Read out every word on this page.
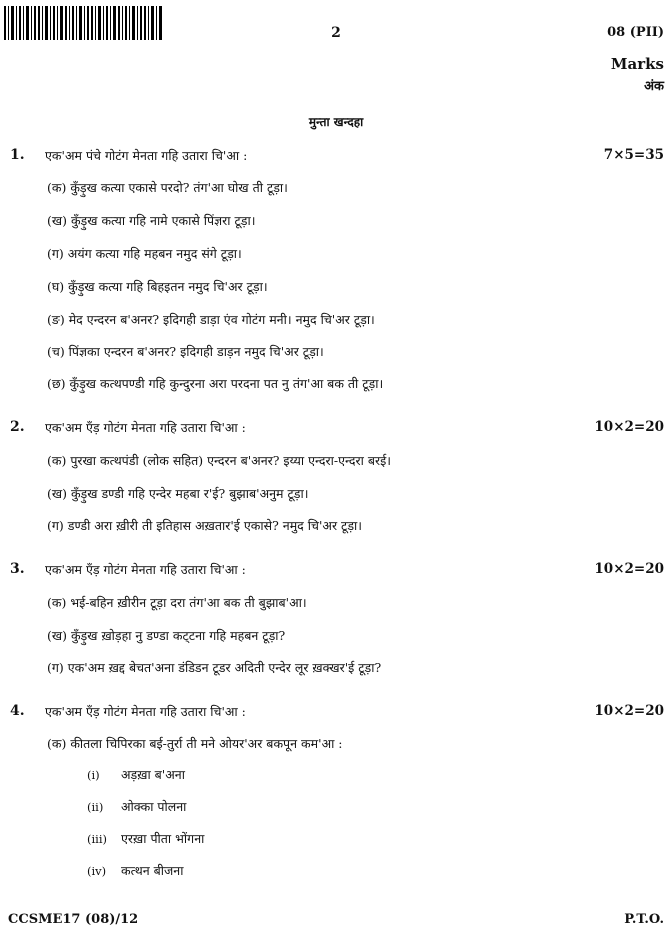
2	08 (PII)
Marks
अंक
मुन्ता खन्दहा
1. एक'अम पंचे गोटंग मेनता गहि उतारा चि'आ :	7×5=35
(क) कुँड़ुख कत्या एकासे परदो? तंग'आ घोख ती टूड़ा।
(ख) कुँड़ुख कत्या गहि नामे एकासे पिंज्ञरा टूड़ा।
(ग) अयंग कत्या गहि महबन नमुद संगे टूड़ा।
(घ) कुँड़ुख कत्या गहि बिहइतन नमुद चि'अर टूड़ा।
(ङ) मेद एन्दरन ब'अनर? इदिगही डाड़ा एंव गोटंग मनी। नमुद चि'अर टूड़ा।
(च) पिंज्ञका एन्दरन ब'अनर? इदिगही डाड़न नमुद चि'अर टूड़ा।
(छ) कुँड़ुख कत्थपण्डी गहि कुन्दुरना अरा परदना पत नु तंग'आ बक ती टूड़ा।
2. एक'अम एँड़ गोटंग मेनता गहि उतारा चि'आ :	10×2=20
(क) पुरखा कत्थपंडी (लोक सहित) एन्दरन ब'अनर? इय्या एन्दरा-एन्दरा बरई।
(ख) कुँड़ुख डण्डी गहि एन्देर महबा र'ई? बुझाब'अनुम टूड़ा।
(ग) डण्डी अरा ख़ीरी ती इतिहास अख़तार'ई एकासे? नमुद चि'अर टूड़ा।
3. एक'अम एँड़ गोटंग मेनता गहि उतारा चि'आ :	10×2=20
(क) भई-बहिन ख़ीरीन टूड़ा दरा तंग'आ बक ती बुझाब'आ।
(ख) कुँड़ुख ख़ोड़हा नु डण्डा कट्‌टना गहि महबन टूड़ा?
(ग) एक'अम ख़द्द बेचत'अना डंडिडन टूडर अदिती एन्देर लूर ख़क्खर'ई टूड़ा?
4. एक'अम एँड़ गोटंग मेनता गहि उतारा चि'आ :	10×2=20
(क) कीतला चिपिरका बई-तुर्रा ती मने ओयर'अर बकपून कम'आ :
(i) अड़ख़ा ब'अना
(ii) ओक्का पोलना
(iii) एरख़ा पीता भोंगना
(iv) कत्थन बीजना
CCSME17 (08)/12	P.T.O.
